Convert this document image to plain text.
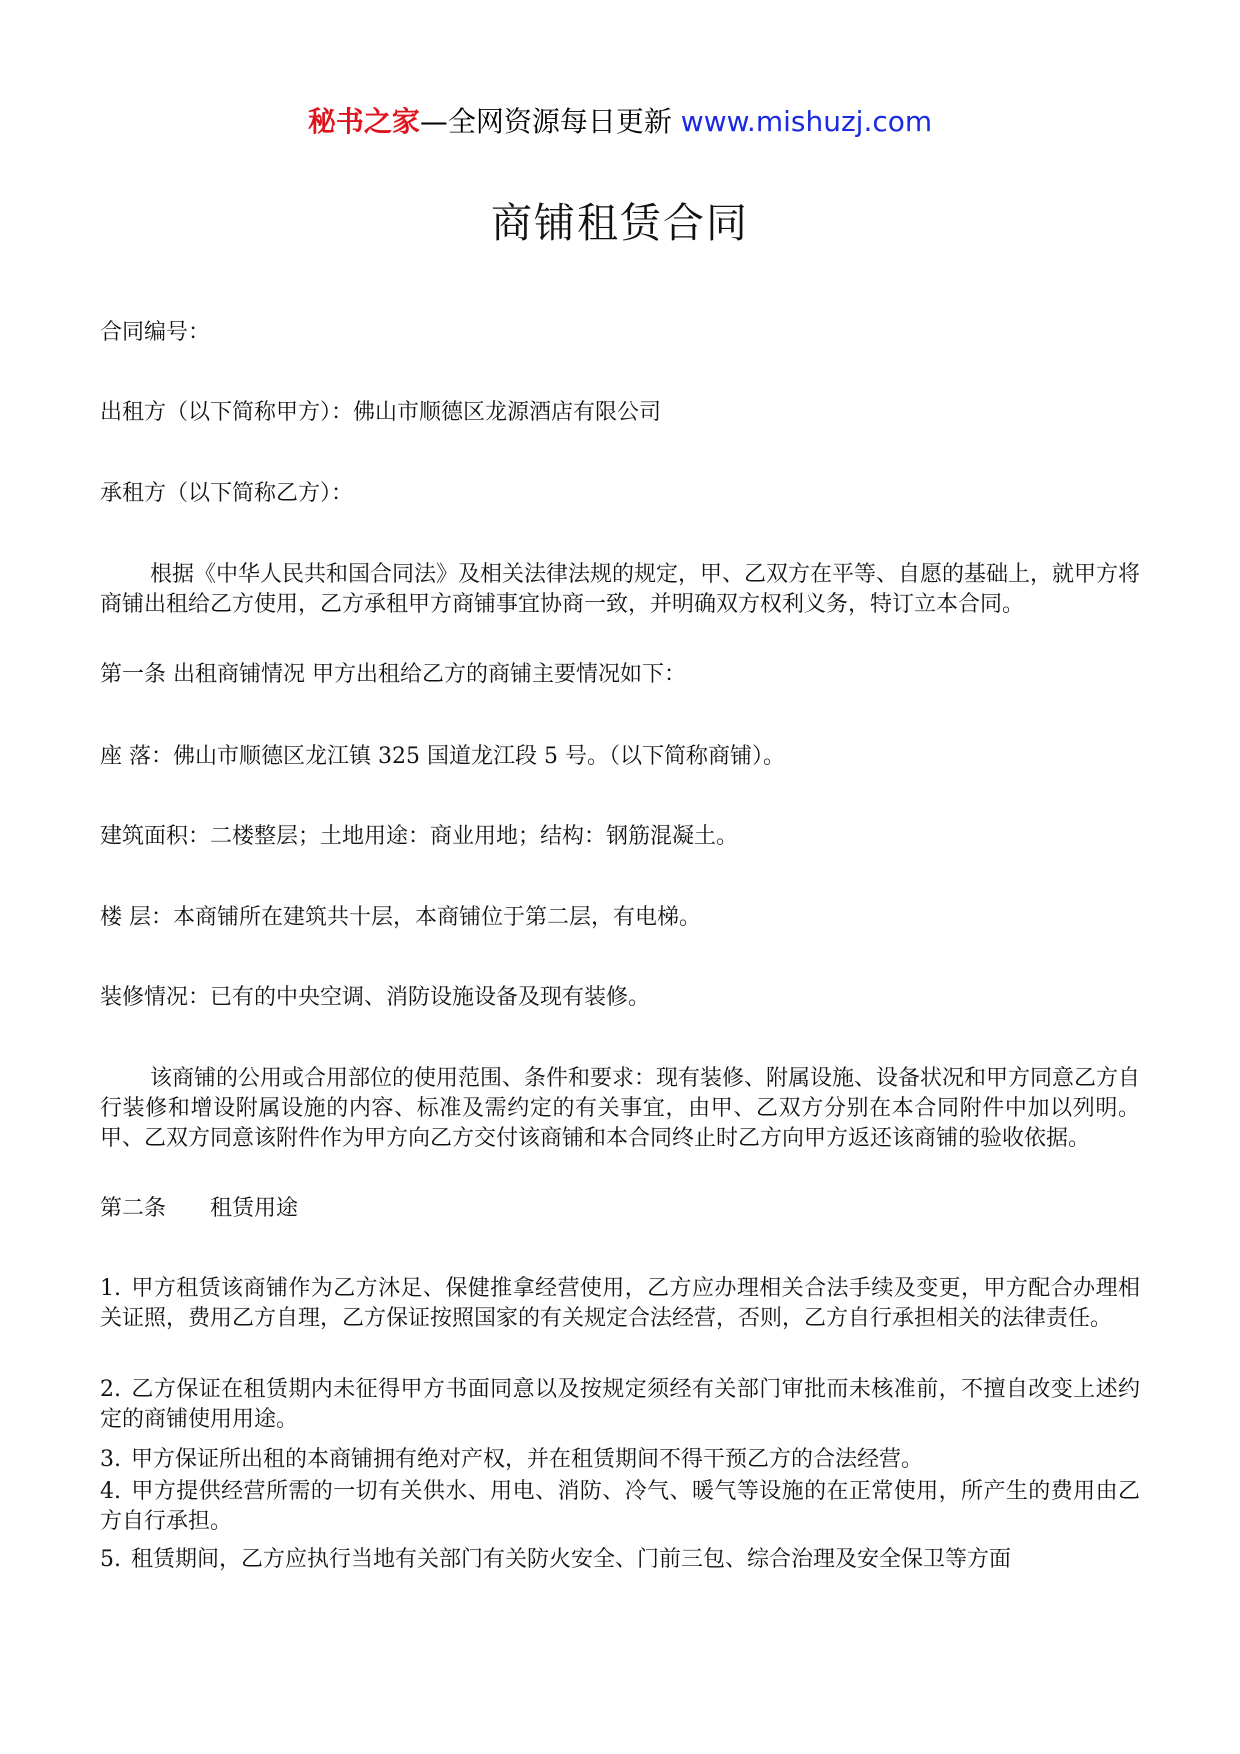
秘书之家—全网资源每日更新 www.mishuzj.com
商铺租赁合同
合同编号：
出租方（以下简称甲方）：佛山市顺德区龙源酒店有限公司
承租方（以下简称乙方）：
根据《中华人民共和国合同法》及相关法律法规的规定，甲、乙双方在平等、自愿的基础上，就甲方将商铺出租给乙方使用，乙方承租甲方商铺事宜协商一致，并明确双方权利义务，特订立本合同。
第一条 出租商铺情况 甲方出租给乙方的商铺主要情况如下：
座 落：佛山市顺德区龙江镇 325 国道龙江段 5 号。（以下简称商铺）。
建筑面积：二楼整层；土地用途：商业用地；结构：钢筋混凝土。
楼 层：本商铺所在建筑共十层，本商铺位于第二层，有电梯。
装修情况：已有的中央空调、消防设施设备及现有装修。
该商铺的公用或合用部位的使用范围、条件和要求：现有装修、附属设施、设备状况和甲方同意乙方自行装修和增设附属设施的内容、标准及需约定的有关事宜，由甲、乙双方分别在本合同附件中加以列明。甲、乙双方同意该附件作为甲方向乙方交付该商铺和本合同终止时乙方向甲方返还该商铺的验收依据。
第二条 租赁用途
1. 甲方租赁该商铺作为乙方沐足、保健推拿经营使用，乙方应办理相关合法手续及变更，甲方配合办理相关证照，费用乙方自理，乙方保证按照国家的有关规定合法经营，否则，乙方自行承担相关的法律责任。
2. 乙方保证在租赁期内未征得甲方书面同意以及按规定须经有关部门审批而未核准前，不擅自改变上述约定的商铺使用用途。
3. 甲方保证所出租的本商铺拥有绝对产权，并在租赁期间不得干预乙方的合法经营。
4. 甲方提供经营所需的一切有关供水、用电、消防、冷气、暖气等设施的在正常使用，所产生的费用由乙方自行承担。
5. 租赁期间，乙方应执行当地有关部门有关防火安全、门前三包、综合治理及安全保卫等方面
